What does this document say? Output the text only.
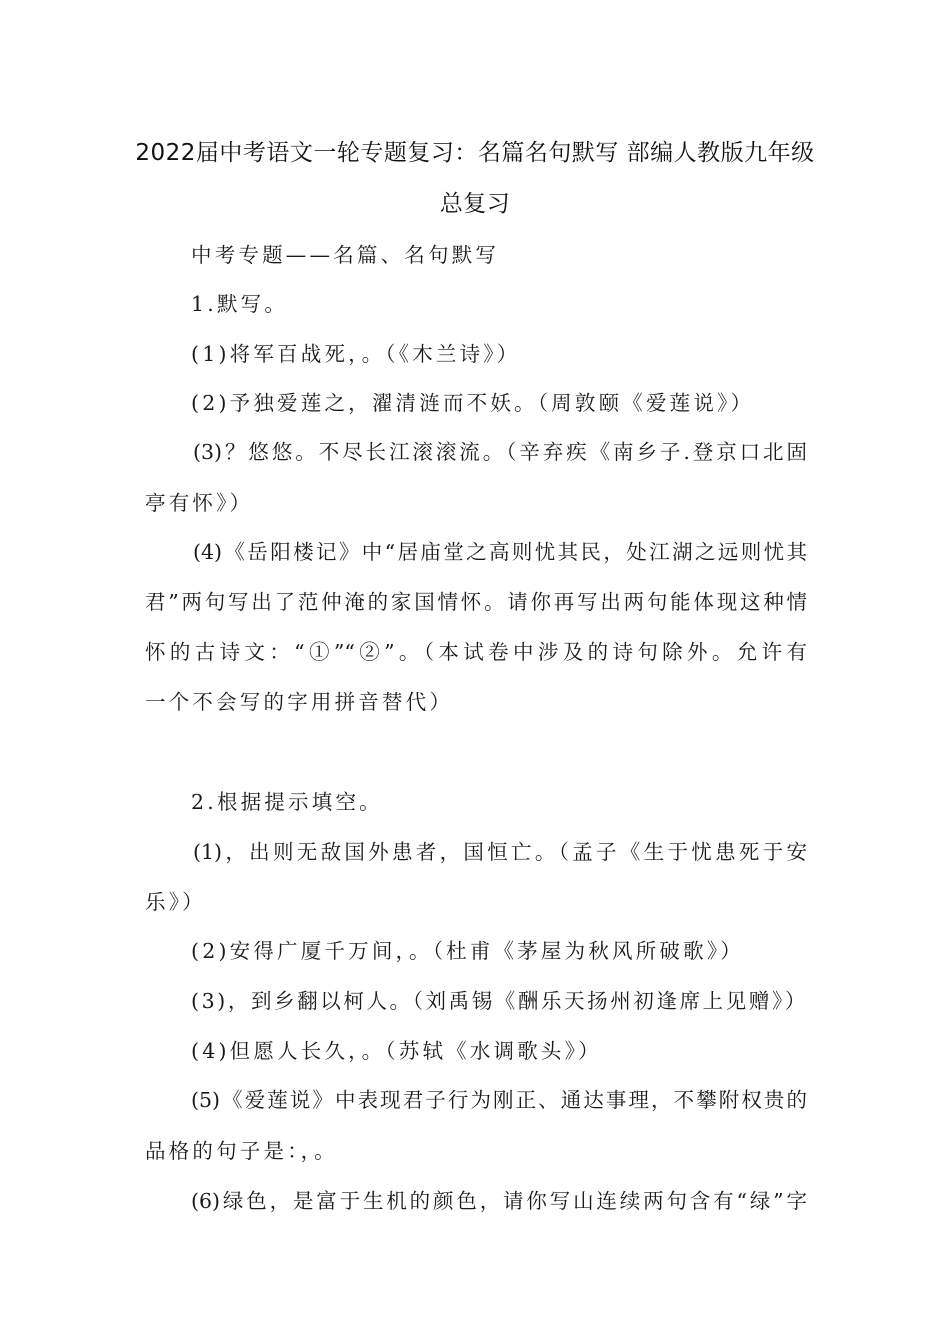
2022届中考语文一轮专题复习：名篇名句默写 部编人教版九年级
总复习
中考专题——名篇、名句默写
1.默写。
(1)将军百战死，。（《木兰诗》）
(2)予独爱莲之，濯清涟而不妖。（周敦颐《爱莲说》）
(3)？悠悠。不尽长江滚滚流。（辛弃疾《南乡子.登京口北固
亭有怀》）
(4)《岳阳楼记》中“居庙堂之高则忧其民，处江湖之远则忧其
君”两句写出了范仲淹的家国情怀。请你再写出两句能体现这种情
怀的古诗文：“①”“②”。（本试卷中涉及的诗句除外。允许有
一个不会写的字用拼音替代）
2.根据提示填空。
(1)，出则无敌国外患者，国恒亡。（孟子《生于忧患死于安
乐》）
(2)安得广厦千万间，。（杜甫《茅屋为秋风所破歌》）
(3)，到乡翻以柯人。（刘禹锡《酬乐天扬州初逢席上见赠》）
(4)但愿人长久，。（苏轼《水调歌头》）
(5)《爱莲说》中表现君子行为刚正、通达事理，不攀附权贵的
品格的句子是：，。
(6)绿色，是富于生机的颜色，请你写山连续两句含有“绿”字
